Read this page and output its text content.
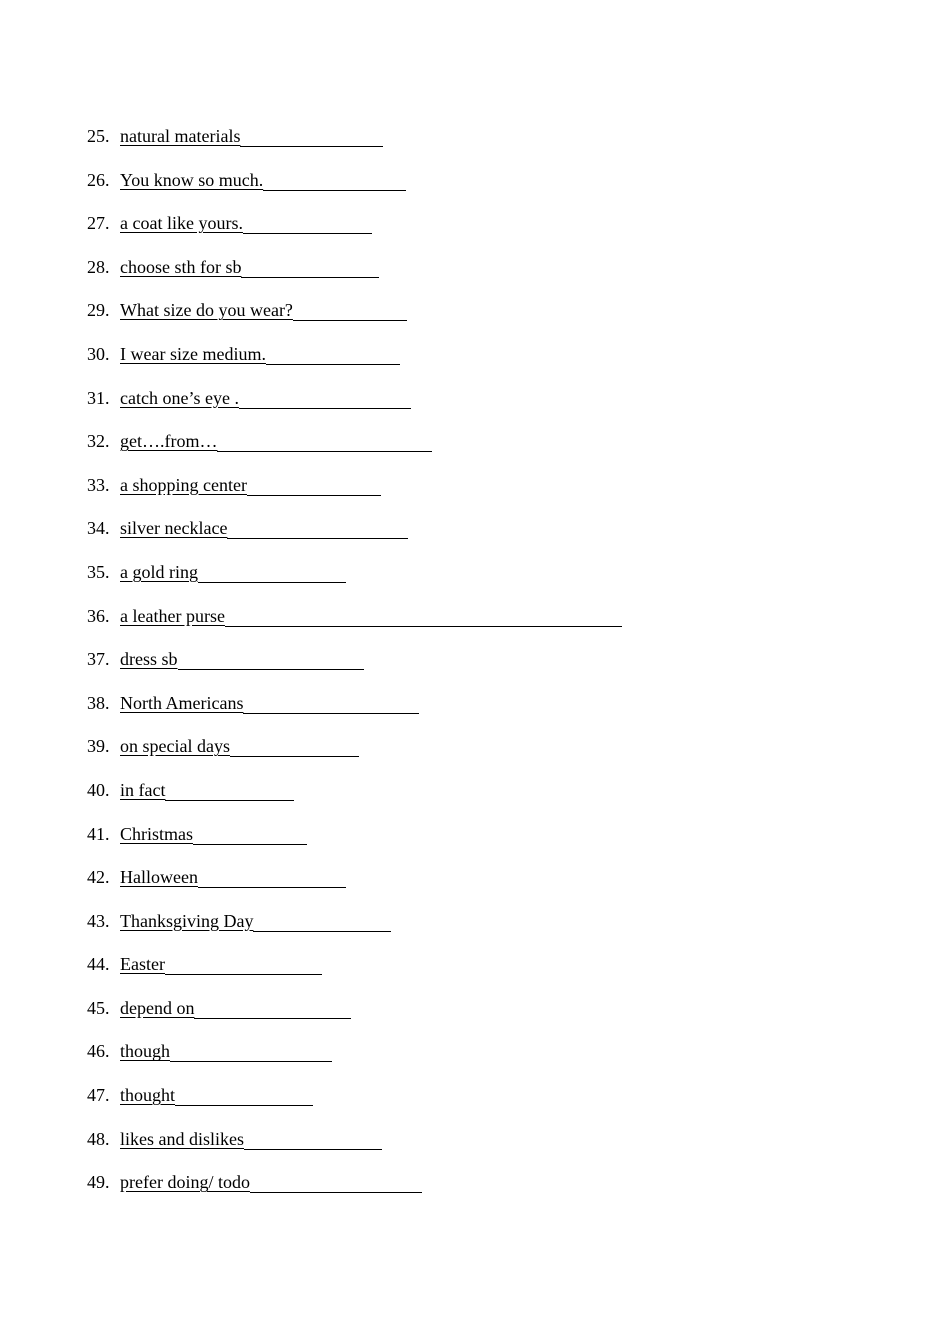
25. natural materials
26. You know so much.
27. a coat like yours.
28. choose sth for sb
29. What size do you wear?
30. I wear size medium.
31. catch one’s eye .
32. get….from…
33. a shopping center
34. silver necklace
35. a gold ring
36. a leather purse
37. dress sb
38. North Americans
39. on special days
40. in fact
41. Christmas
42. Halloween
43. Thanksgiving Day
44. Easter
45. depend on
46. though
47. thought
48. likes and dislikes
49. prefer doing/ todo
